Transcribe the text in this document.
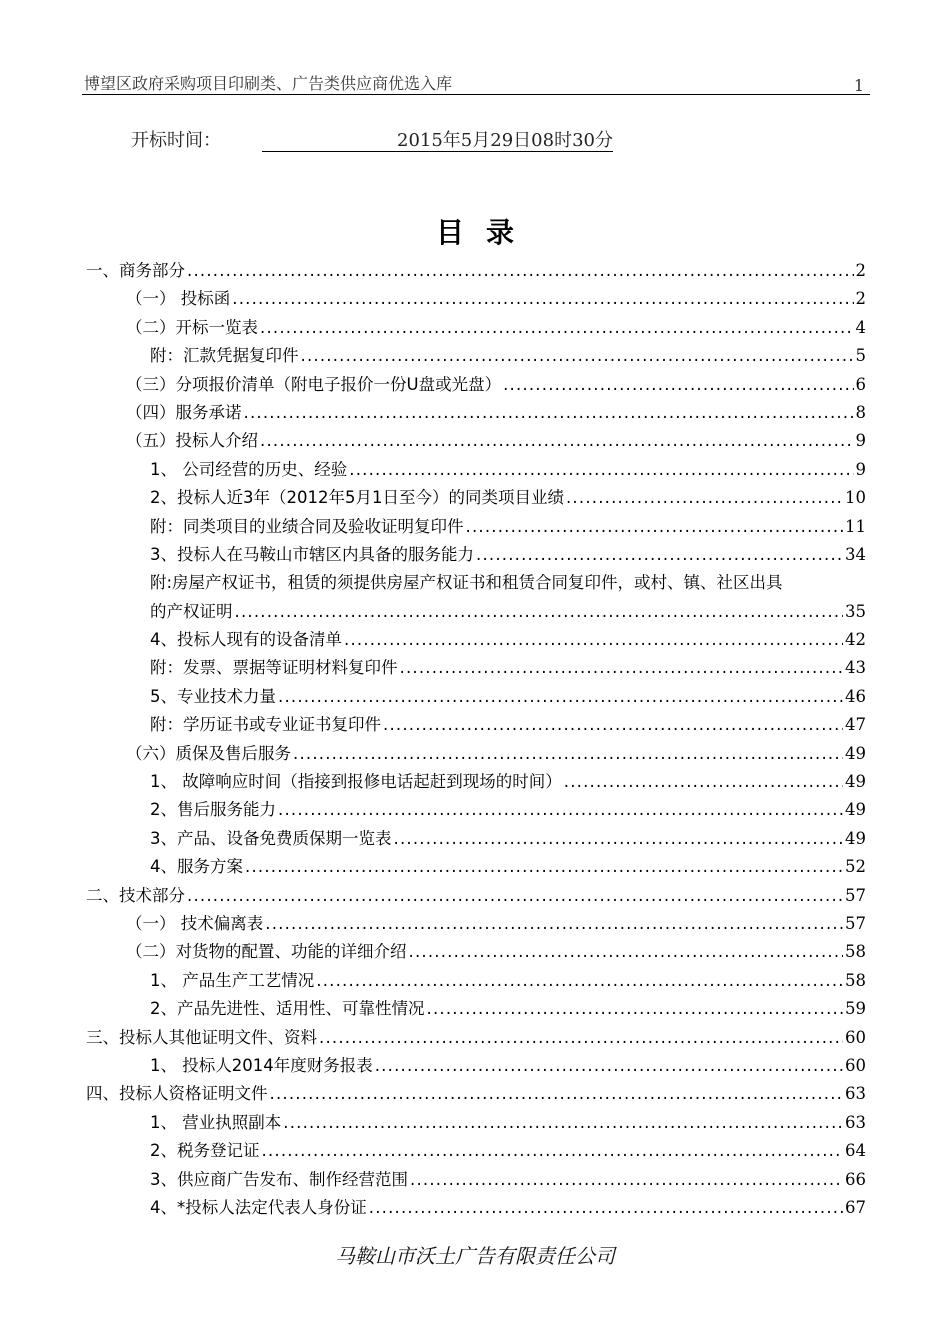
博望区政府采购项目印刷类、广告类供应商优选入库	1
开标时间：	2015年5月29日08时30分
目录
一、商务部分 .....	2
（一） 投标函 .....	2
（二）开标一览表 .....	4
附：汇款凭据复印件 .....	5
（三）分项报价清单（附电子报价一份U盘或光盘） .....	6
（四）服务承诺 .....	8
（五）投标人介绍 .....	9
1、 公司经营的历史、经验 .....	9
2、投标人近3年（2012年5月1日至今）的同类项目业绩 .....	10
附：同类项目的业绩合同及验收证明复印件 .....	11
3、投标人在马鞍山市辖区内具备的服务能力 .....	34
附:房屋产权证书，租赁的须提供房屋产权证书和租赁合同复印件，或村、镇、社区出具
的产权证明 .....	35
4、投标人现有的设备清单 .....	42
附：发票、票据等证明材料复印件 .....	43
5、专业技术力量 .....	46
附：学历证书或专业证书复印件 .....	47
（六）质保及售后服务 .....	49
1、 故障响应时间（指接到报修电话起赶到现场的时间） .....	49
2、售后服务能力 .....	49
3、产品、设备免费质保期一览表 .....	49
4、服务方案 .....	52
二、技术部分 .....	57
（一） 技术偏离表 .....	57
（二）对货物的配置、功能的详细介绍 .....	58
1、 产品生产工艺情况 .....	58
2、产品先进性、适用性、可靠性情况 .....	59
三、投标人其他证明文件、资料 .....	60
1、 投标人2014年度财务报表 .....	60
四、投标人资格证明文件 .....	63
1、 营业执照副本 .....	63
2、税务登记证 .....	64
3、供应商广告发布、制作经营范围 .....	66
4、*投标人法定代表人身份证 .....	67
马鞍山市沃土广告有限责任公司
